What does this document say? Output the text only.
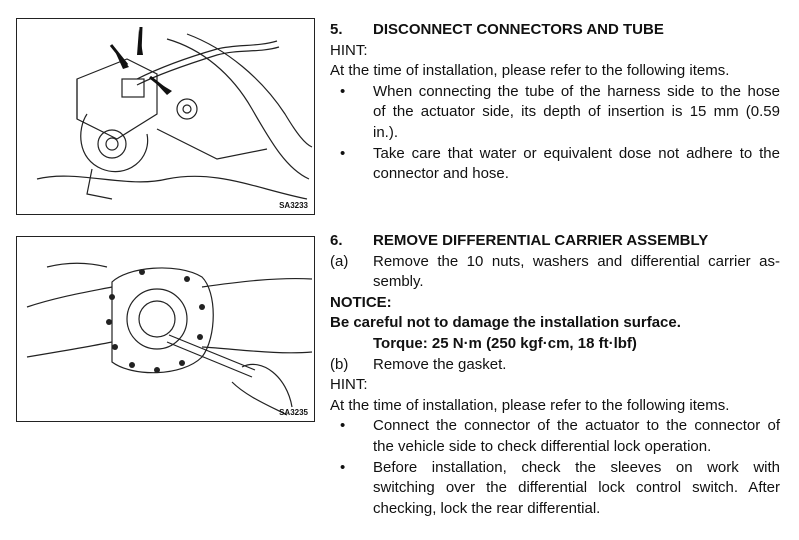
SA3233
SA3235
5. DISCONNECT CONNECTORS AND TUBE
HINT:
At the time of installation, please refer to the following items.
• When connecting the tube of the harness side to the hose
of the actuator side, its depth of insertion is 15 mm (0.59
in.).
• Take care that water or equivalent dose not adhere to the
connector and hose.
6. REMOVE DIFFERENTIAL CARRIER ASSEMBLY
(a) Remove the 10 nuts, washers and differential carrier as-
sembly.
NOTICE:
Be careful not to damage the installation surface.
Torque: 25 N·m (250 kgf·cm, 18 ft·lbf)
(b) Remove the gasket.
HINT:
At the time of installation, please refer to the following items.
• Connect the connector of the actuator to the connector of
the vehicle side to check differential lock operation.
• Before installation, check the sleeves on work with
switching over the differential lock control switch. After
checking, lock the rear differential.
